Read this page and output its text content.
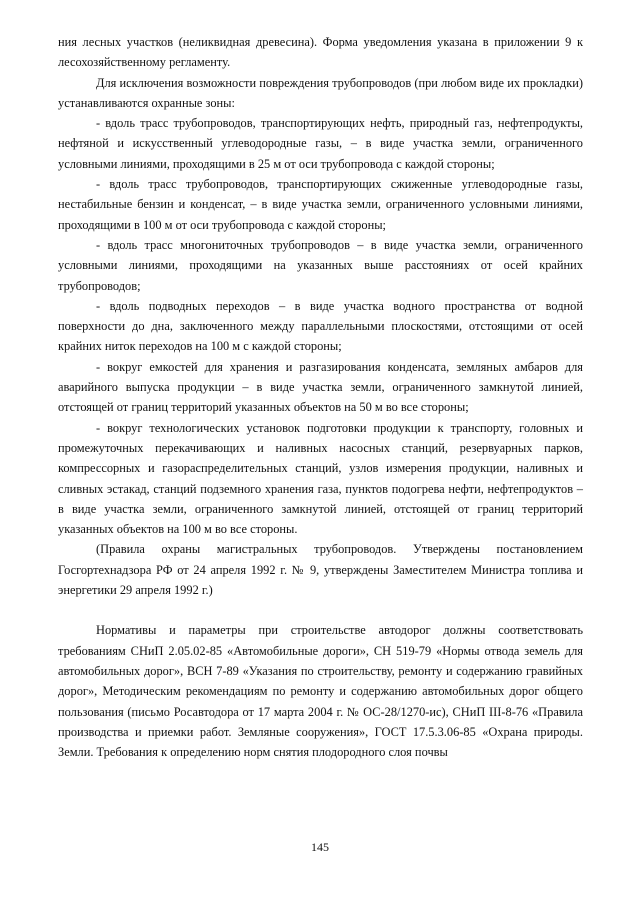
ния лесных участков (неликвидная древесина). Форма уведомления указана в приложении 9 к лесохозяйственному регламенту.

Для исключения возможности повреждения трубопроводов (при любом виде их прокладки) устанавливаются охранные зоны:

- вдоль трасс трубопроводов, транспортирующих нефть, природный газ, нефтепродукты, нефтяной и искусственный углеводородные газы, – в виде участка земли, ограниченного условными линиями, проходящими в 25 м от оси трубопровода с каждой стороны;

- вдоль трасс трубопроводов, транспортирующих сжиженные углеводородные газы, нестабильные бензин и конденсат, – в виде участка земли, ограниченного условными линиями, проходящими в 100 м от оси трубопровода с каждой стороны;

- вдоль трасс многониточных трубопроводов – в виде участка земли, ограниченного условными линиями, проходящими на указанных выше расстояниях от осей крайних трубопроводов;

- вдоль подводных переходов – в виде участка водного пространства от водной поверхности до дна, заключенного между параллельными плоскостями, отстоящими от осей крайних ниток переходов на 100 м с каждой стороны;

- вокруг емкостей для хранения и разгазирования конденсата, земляных амбаров для аварийного выпуска продукции – в виде участка земли, ограниченного замкнутой линией, отстоящей от границ территорий указанных объектов на 50 м во все стороны;

- вокруг технологических установок подготовки продукции к транспорту, головных и промежуточных перекачивающих и наливных насосных станций, резервуарных парков, компрессорных и газораспределительных станций, узлов измерения продукции, наливных и сливных эстакад, станций подземного хранения газа, пунктов подогрева нефти, нефтепродуктов – в виде участка земли, ограниченного замкнутой линией, отстоящей от границ территорий указанных объектов на 100 м во все стороны.

(Правила охраны магистральных трубопроводов. Утверждены постановлением Госгортехнадзора РФ от 24 апреля 1992 г. № 9, утверждены Заместителем Министра топлива и энергетики 29 апреля 1992 г.)

Нормативы и параметры при строительстве автодорог должны соответствовать требованиям СНиП 2.05.02-85 «Автомобильные дороги», СН 519-79 «Нормы отвода земель для автомобильных дорог», ВСН 7-89 «Указания по строительству, ремонту и содержанию гравийных дорог», Методическим рекомендациям по ремонту и содержанию автомобильных дорог общего пользования (письмо Росавтодора от 17 марта 2004 г. № ОС-28/1270-ис), СНиП III-8-76 «Правила производства и приемки работ. Земляные сооружения», ГОСТ 17.5.3.06-85 «Охрана природы. Земли. Требования к определению норм снятия плодородного слоя почвы

145
